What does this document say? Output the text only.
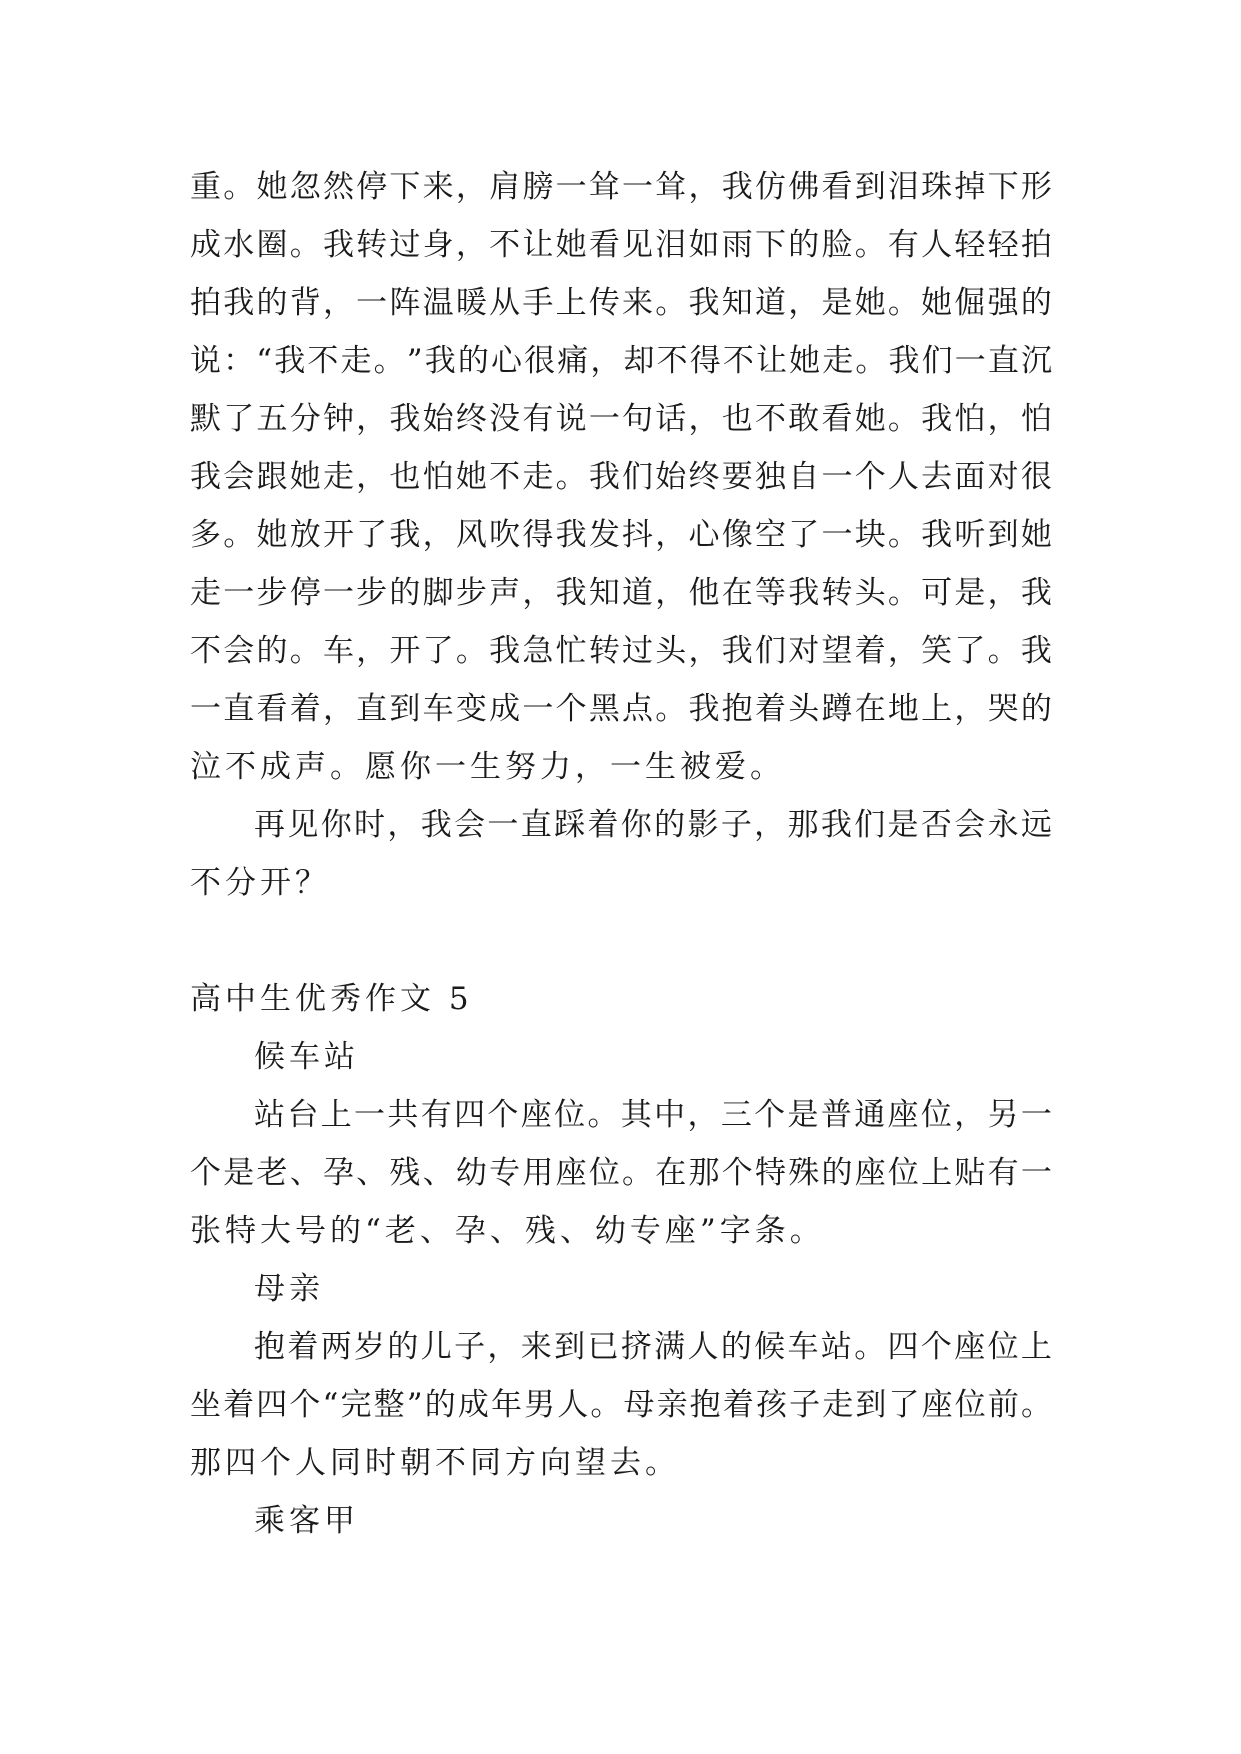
重 。 她 忽 然 停 下 来 ， 肩 膀 一 耸 一 耸 ， 我 仿 佛 看 到 泪 珠 掉 下 形
成 水 圈 。 我 转 过 身 ， 不 让 她 看 见 泪 如 雨 下 的 脸 。 有 人 轻 轻 拍
拍 我 的 背 ， 一 阵 温 暖 从 手 上 传 来 。 我 知 道 ， 是 她 。 她 倔 强 的
说 ： “ 我 不 走 。 ” 我 的 心 很 痛 ， 却 不 得 不 让 她 走 。 我 们 一 直 沉
默 了 五 分 钟 ， 我 始 终 没 有 说 一 句 话 ， 也 不 敢 看 她 。 我 怕 ， 怕
我 会 跟 她 走 ， 也 怕 她 不 走 。 我 们 始 终 要 独 自 一 个 人 去 面 对 很
多 。 她 放 开 了 我 ， 风 吹 得 我 发 抖 ， 心 像 空 了 一 块 。 我 听 到 她
走 一 步 停 一 步 的 脚 步 声 ， 我 知 道 ， 他 在 等 我 转 头 。 可 是 ， 我
不 会 的 。 车 ， 开 了 。 我 急 忙 转 过 头 ， 我 们 对 望 着 ， 笑 了 。 我
一 直 看 着 ， 直 到 车 变 成 一 个 黑 点 。 我 抱 着 头 蹲 在 地 上 ， 哭 的
泣不成声。愿你一生努力，一生被爱。
再 见 你 时 ， 我 会 一 直 踩 着 你 的 影 子 ， 那 我 们 是 否 会 永 远
不分开？
高中生优秀作文 5
候车站
站 台 上 一 共 有 四 个 座 位 。 其 中 ， 三 个 是 普 通 座 位 ， 另 一
个 是 老 、 孕 、 残 、 幼 专 用 座 位 。 在 那 个 特 殊 的 座 位 上 贴 有 一
张特大号的“老、孕、残、幼专座”字条。
母亲
抱 着 两 岁 的 儿 子 ， 来 到 已 挤 满 人 的 候 车 站 。 四 个 座 位 上
坐 着 四 个 “ 完 整 ” 的 成 年 男 人 。 母 亲 抱 着 孩 子 走 到 了 座 位 前 。
那四个人同时朝不同方向望去。
乘客甲
